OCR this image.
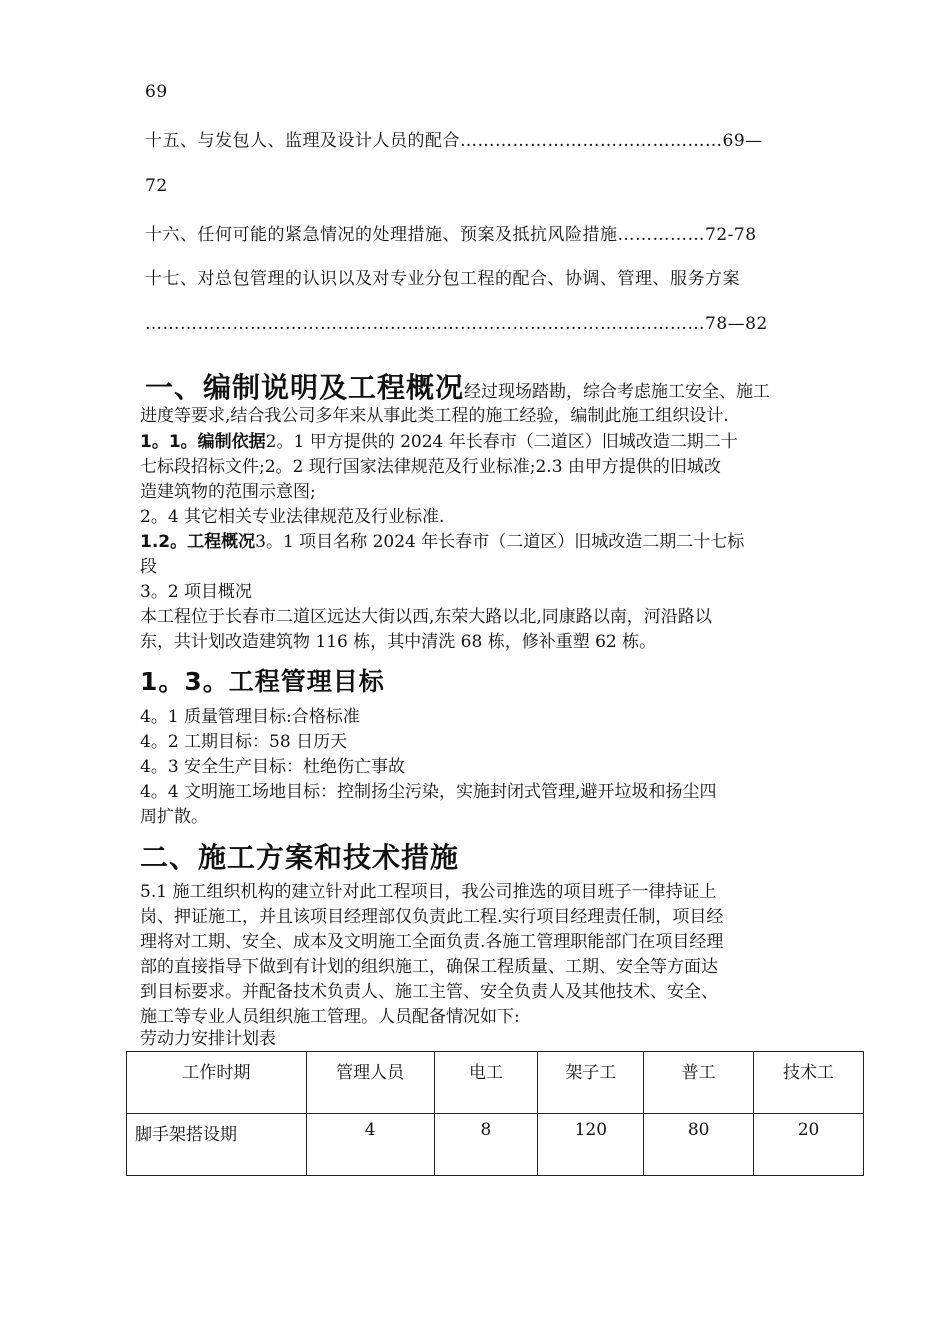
69
十五、与发包人、监理及设计人员的配合………………………………………69—
72
十六、任何可能的紧急情况的处理措施、预案及抵抗风险措施……………72-78
十七、对总包管理的认识以及对专业分包工程的配合、协调、管理、服务方案
……………………………………………………………………………………78—82
一、编制说明及工程概况经过现场踏勘，综合考虑施工安全、施工
进度等要求,结合我公司多年来从事此类工程的施工经验，编制此施工组织设计.
1。1。编制依据2。1 甲方提供的 2024 年长春市（二道区）旧城改造二期二十
七标段招标文件;2。2 现行国家法律规范及行业标准;2.3 由甲方提供的旧城改
造建筑物的范围示意图;
2。4 其它相关专业法律规范及行业标准.
1.2。工程概况3。1 项目名称 2024 年长春市（二道区）旧城改造二期二十七标
段
3。2 项目概况
本工程位于长春市二道区远达大街以西,东荣大路以北,同康路以南，河沿路以
东，共计划改造建筑物 116 栋，其中清洗 68 栋，修补重塑 62 栋。
1。3。工程管理目标
4。1 质量管理目标:合格标准
4。2 工期目标：58 日历天
4。3 安全生产目标：杜绝伤亡事故
4。4 文明施工场地目标：控制扬尘污染，实施封闭式管理,避开垃圾和扬尘四
周扩散。
二、施工方案和技术措施
5.1 施工组织机构的建立针对此工程项目，我公司推选的项目班子一律持证上
岗、押证施工，并且该项目经理部仅负责此工程.实行项目经理责任制，项目经
理将对工期、安全、成本及文明施工全面负责.各施工管理职能部门在项目经理
部的直接指导下做到有计划的组织施工，确保工程质量、工期、安全等方面达
到目标要求。并配备技术负责人、施工主管、安全负责人及其他技术、安全、
施工等专业人员组织施工管理。人员配备情况如下:
劳动力安排计划表
工作时期	管理人员	电工	架子工	普工	技术工
脚手架搭设期	4	8	120	80	20
